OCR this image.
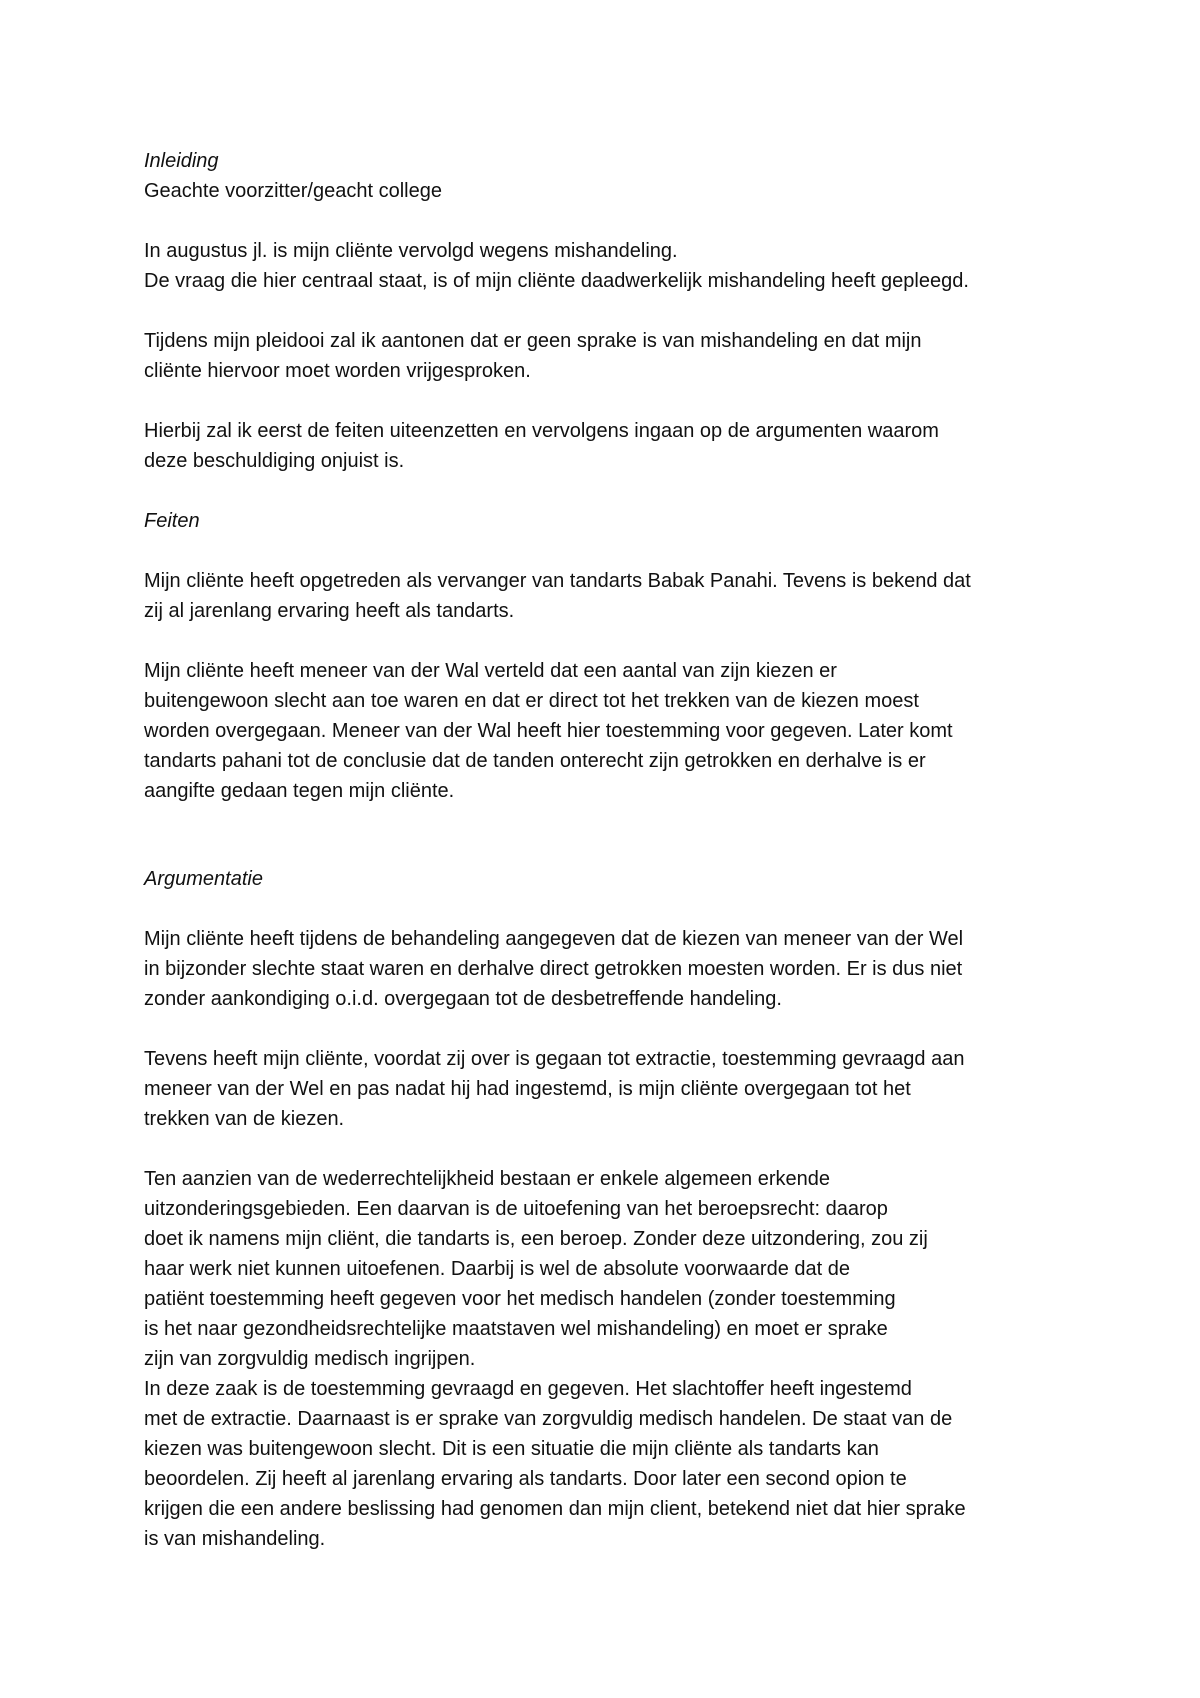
Inleiding

Geachte voorzitter/geacht college

In augustus jl. is mijn cliënte vervolgd wegens mishandeling.
De vraag die hier centraal staat, is of mijn cliënte daadwerkelijk mishandeling heeft gepleegd.
Tijdens mijn pleidooi zal ik aantonen dat er geen sprake is van mishandeling en dat mijn
cliënte hiervoor moet worden vrijgesproken.
Hierbij zal ik eerst de feiten uiteenzetten en vervolgens ingaan op de argumenten waarom
deze beschuldiging onjuist is.

Feiten

Mijn cliënte heeft opgetreden als vervanger van tandarts Babak Panahi. Tevens is bekend dat
zij al jarenlang ervaring heeft als tandarts.
Mijn cliënte heeft meneer van der Wal verteld dat een aantal van zijn kiezen er
buitengewoon slecht aan toe waren en dat er direct tot het trekken van de kiezen moest
worden overgegaan. Meneer van der Wal heeft hier toestemming voor gegeven. Later komt
tandarts pahani tot de conclusie dat de tanden onterecht zijn getrokken en derhalve is er
aangifte gedaan tegen mijn cliënte.

Argumentatie

Mijn cliënte heeft tijdens de behandeling aangegeven dat de kiezen van meneer van der Wel
in bijzonder slechte staat waren en derhalve direct getrokken moesten worden. Er is dus niet
zonder aankondiging o.i.d. overgegaan tot de desbetreffende handeling.
Tevens heeft mijn cliënte, voordat zij over is gegaan tot extractie, toestemming gevraagd aan
meneer van der Wel en pas nadat hij had ingestemd, is mijn cliënte overgegaan tot het
trekken van de kiezen.
Ten aanzien van de wederrechtelijkheid bestaan er enkele algemeen erkende
uitzonderingsgebieden. Een daarvan is de uitoefening van het beroepsrecht: daarop
doet ik namens mijn cliënt, die tandarts is, een beroep. Zonder deze uitzondering, zou zij
haar werk niet kunnen uitoefenen. Daarbij is wel de absolute voorwaarde dat de
patiënt toestemming heeft gegeven voor het medisch handelen (zonder toestemming
is het naar gezondheidsrechtelijke maatstaven wel mishandeling) en moet er sprake
zijn van zorgvuldig medisch ingrijpen.
In deze zaak is de toestemming gevraagd en gegeven. Het slachtoffer heeft ingestemd
met de extractie. Daarnaast is er sprake van zorgvuldig medisch handelen. De staat van de
kiezen was buitengewoon slecht. Dit is een situatie die mijn cliënte als tandarts kan
beoordelen. Zij heeft al jarenlang ervaring als tandarts. Door later een second opion te
krijgen die een andere beslissing had genomen dan mijn client, betekend niet dat hier sprake
is van mishandeling.
